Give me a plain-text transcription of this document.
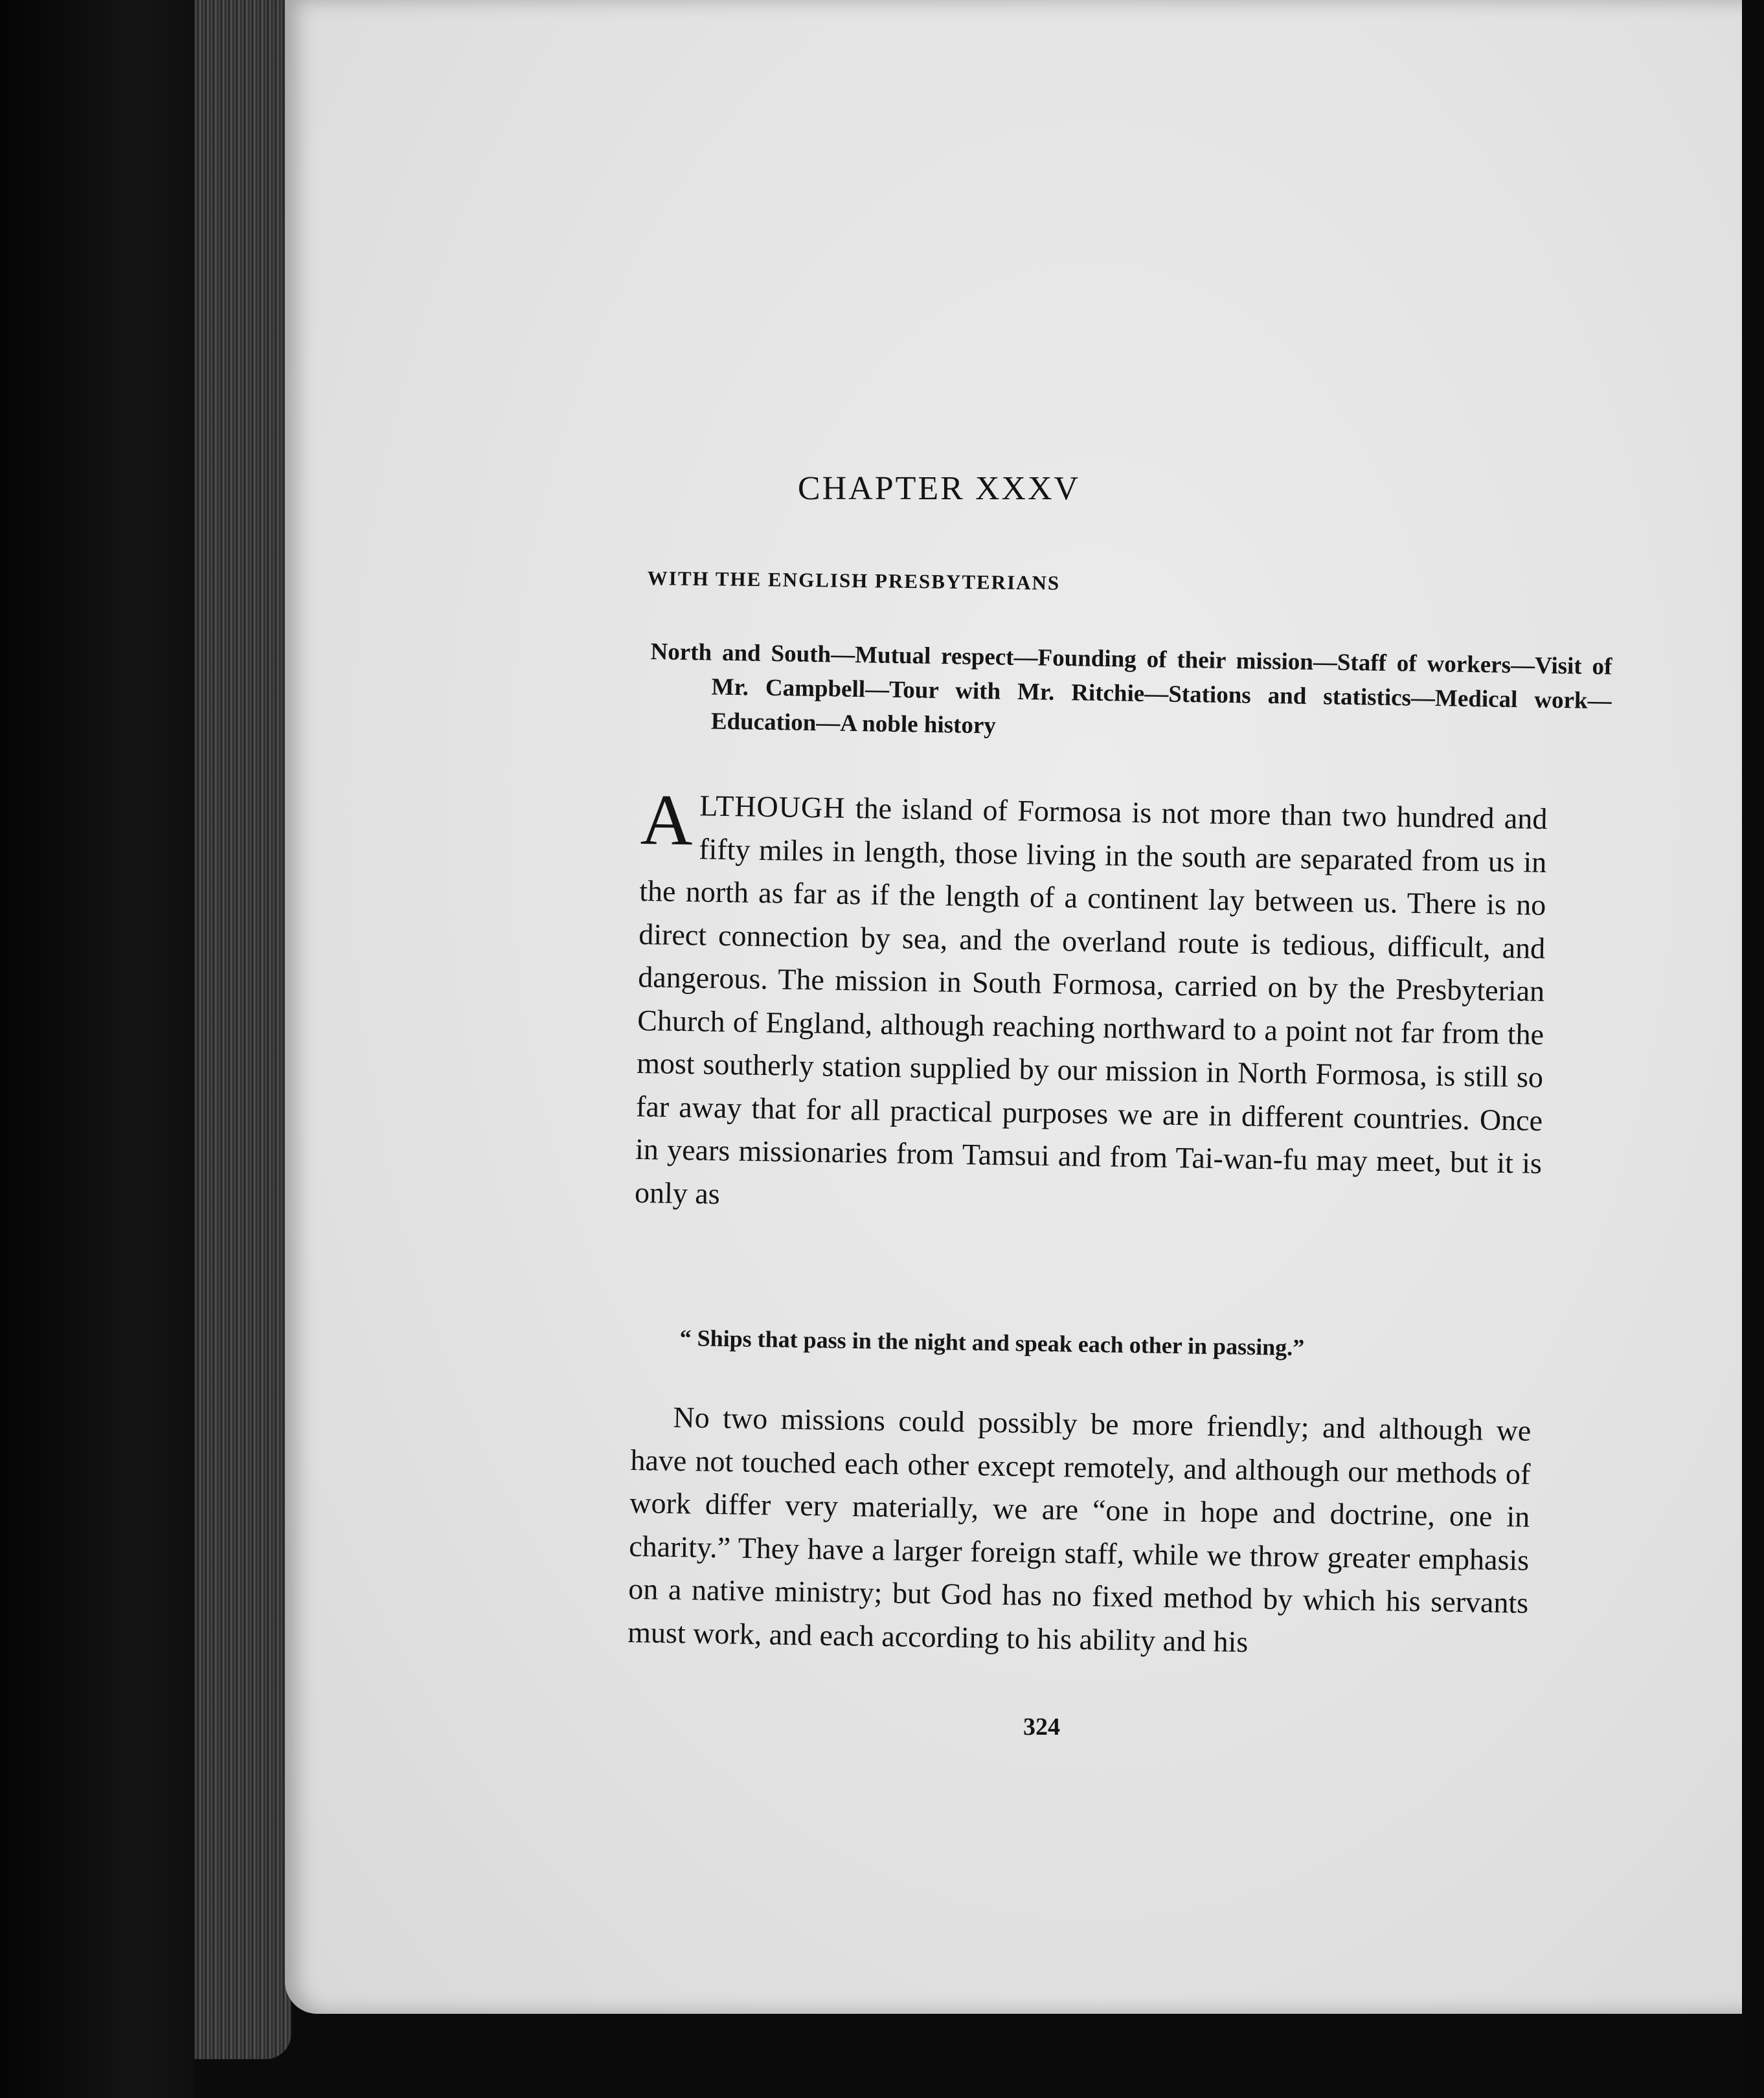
CHAPTER XXXV
WITH THE ENGLISH PRESBYTERIANS
North and South—Mutual respect—Founding of their mission—Staff of workers—Visit of Mr. Campbell—Tour with Mr. Ritchie—Stations and statistics—Medical work—Education—A noble history
ALTHOUGH the island of Formosa is not more than two hundred and fifty miles in length, those living in the south are separated from us in the north as far as if the length of a continent lay between us. There is no direct connection by sea, and the overland route is tedious, difficult, and dangerous. The mission in South Formosa, carried on by the Presbyterian Church of England, although reaching northward to a point not far from the most southerly station supplied by our mission in North Formosa, is still so far away that for all practical purposes we are in different countries. Once in years missionaries from Tamsui and from Tai-wan-fu may meet, but it is only as
“ Ships that pass in the night and speak each other in passing.”
No two missions could possibly be more friendly; and although we have not touched each other except remotely, and although our methods of work differ very materially, we are “one in hope and doctrine, one in charity.” They have a larger foreign staff, while we throw greater emphasis on a native ministry; but God has no fixed method by which his servants must work, and each according to his ability and his
324
